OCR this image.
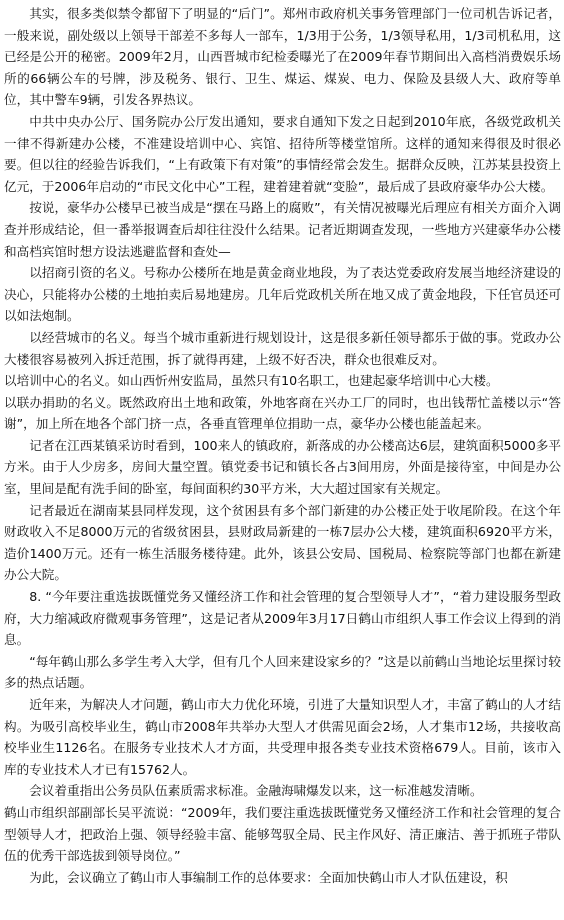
其实，很多类似禁令都留下了明显的“后门”。郑州市政府机关事务管理部门一位司机告诉记者，一般来说，副处级以上领导干部差不多每人一部车，1/3用于公务，1/3领导私用，1/3司机私用，这已经是公开的秘密。2009年2月，山西晋城市纪检委曝光了在2009年春节期间出入高档消费娱乐场所的66辆公车的号牌，涉及税务、银行、卫生、煤运、煤炭、电力、保险及县级人大、政府等单位，其中警车9辆，引发各界热议。

中共中央办公厅、国务院办公厅发出通知，要求自通知下发之日起到2010年底，各级党政机关一律不得新建办公楼，不准建设培训中心、宾馆、招待所等楼堂馆所。这样的通知来得很及时很必要。但以往的经验告诉我们，“上有政策下有对策”的事情经常会发生。据群众反映，江苏某县投资上亿元，于2006年启动的“市民文化中心”工程，建着建着就“变脸”，最后成了县政府豪华办公大楼。

按说，豪华办公楼早已被当成是“摆在马路上的腐败”，有关情况被曝光后理应有相关方面介入调查并形成结论，但一番举报调查后却往往没什么结果。记者近期调查发现，一些地方兴建豪华办公楼和高档宾馆时想方设法逃避监督和查处—

以招商引资的名义。号称办公楼所在地是黄金商业地段，为了表达党委政府发展当地经济建设的决心，只能将办公楼的土地拍卖后易地建房。几年后党政机关所在地又成了黄金地段，下任官员还可以如法炮制。

以经营城市的名义。每当个城市重新进行规划设计，这是很多新任领导都乐于做的事。党政办公大楼很容易被列入拆迁范围，拆了就得再建，上级不好否决，群众也很难反对。

以培训中心的名义。如山西忻州安监局，虽然只有10名职工，也建起豪华培训中心大楼。

以联办捐助的名义。既然政府出土地和政策，外地客商在兴办工厂的同时，也出钱帮忙盖楼以示“答谢”，加上所在地各个部门挤一点，各垂直管理单位捐助一点，豪华办公楼也能盖起来。

记者在江西某镇采访时看到，100来人的镇政府，新落成的办公楼高达6层，建筑面积5000多平方米。由于人少房多，房间大量空置。镇党委书记和镇长各占3间用房，外面是接待室，中间是办公室，里间是配有洗手间的卧室，每间面积约30平方米，大大超过国家有关规定。

记者最近在湖南某县同样发现，这个贫困县有多个部门新建的办公楼正处于收尾阶段。在这个年财政收入不足8000万元的省级贫困县，县财政局新建的一栋7层办公大楼，建筑面积6920平方米，造价1400万元。还有一栋生活服务楼待建。此外，该县公安局、国税局、检察院等部门也都在新建办公大院。

8. “今年要注重选拔既懂党务又懂经济工作和社会管理的复合型领导人才”，“着力建设服务型政府，大力缩减政府微观事务管理”，这是记者从2009年3月17日鹤山市组织人事工作会议上得到的消息。

“每年鹤山那么多学生考入大学，但有几个人回来建设家乡的？”这是以前鹤山当地论坛里探讨较多的热点话题。

近年来，为解决人才问题，鹤山市大力优化环境，引进了大量知识型人才，丰富了鹤山的人才结构。为吸引高校毕业生，鹤山市2008年共举办大型人才供需见面会2场，人才集市12场，共接收高校毕业生1126名。在服务专业技术人才方面，共受理申报各类专业技术资格679人。目前，该市入库的专业技术人才已有15762人。

会议着重指出公务员队伍素质需求标准。金融海啸爆发以来，这一标准越发清晰。

鹤山市组织部副部长吴平流说：“2009年，我们要注重选拔既懂党务又懂经济工作和社会管理的复合型领导人才，把政治上强、领导经验丰富、能够驾驭全局、民主作风好、清正廉洁、善于抓班子带队伍的优秀干部选拔到领导岗位。”

为此，会议确立了鹤山市人事编制工作的总体要求：全面加快鹤山市人才队伍建设，积
